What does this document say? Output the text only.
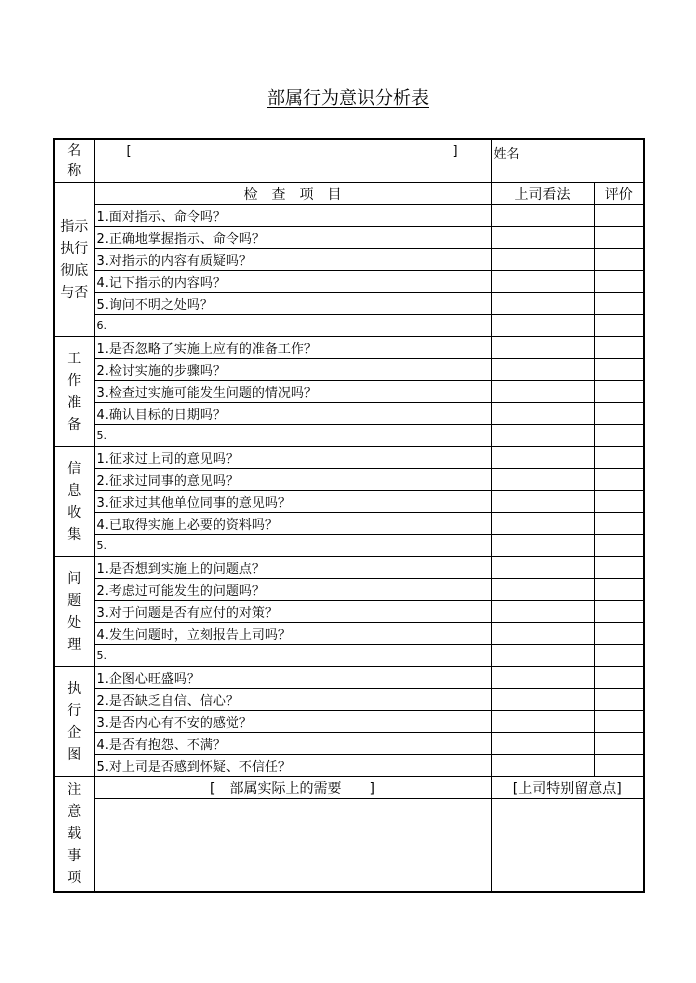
部属行为意识分析表
名称	[ ]	姓名	

指示执行彻底与否	检　查　项　目	上司看法	评价
	1.面对指示、命令吗？		
	2.正确地掌握指示、命令吗？		
	3.对指示的内容有质疑吗？		
	4.记下指示的内容吗？		
	5.询问不明之处吗？		
	6.		

工作准备	1.是否忽略了实施上应有的准备工作？		
	2.检讨实施的步骤吗？		
	3.检查过实施可能发生问题的情况吗？		
	4.确认目标的日期吗？		
	5.		

信息收集	1.征求过上司的意见吗？		
	2.征求过同事的意见吗？		
	3.征求过其他单位同事的意见吗？		
	4.已取得实施上必要的资料吗？		
	5.		

问题处理	1.是否想到实施上的问题点？		
	2.考虑过可能发生的问题吗？		
	3.对于问题是否有应付的对策？		
	4.发生问题时，立刻报告上司吗？		
	5.		

执行企图	1.企图心旺盛吗？		
	2.是否缺乏自信、信心？		
	3.是否内心有不安的感觉？		
	4.是否有抱怨、不满？		
	5.对上司是否感到怀疑、不信任？		

注意载事项	[　部属实际上的需要　　]	[上司特别留意点]	
